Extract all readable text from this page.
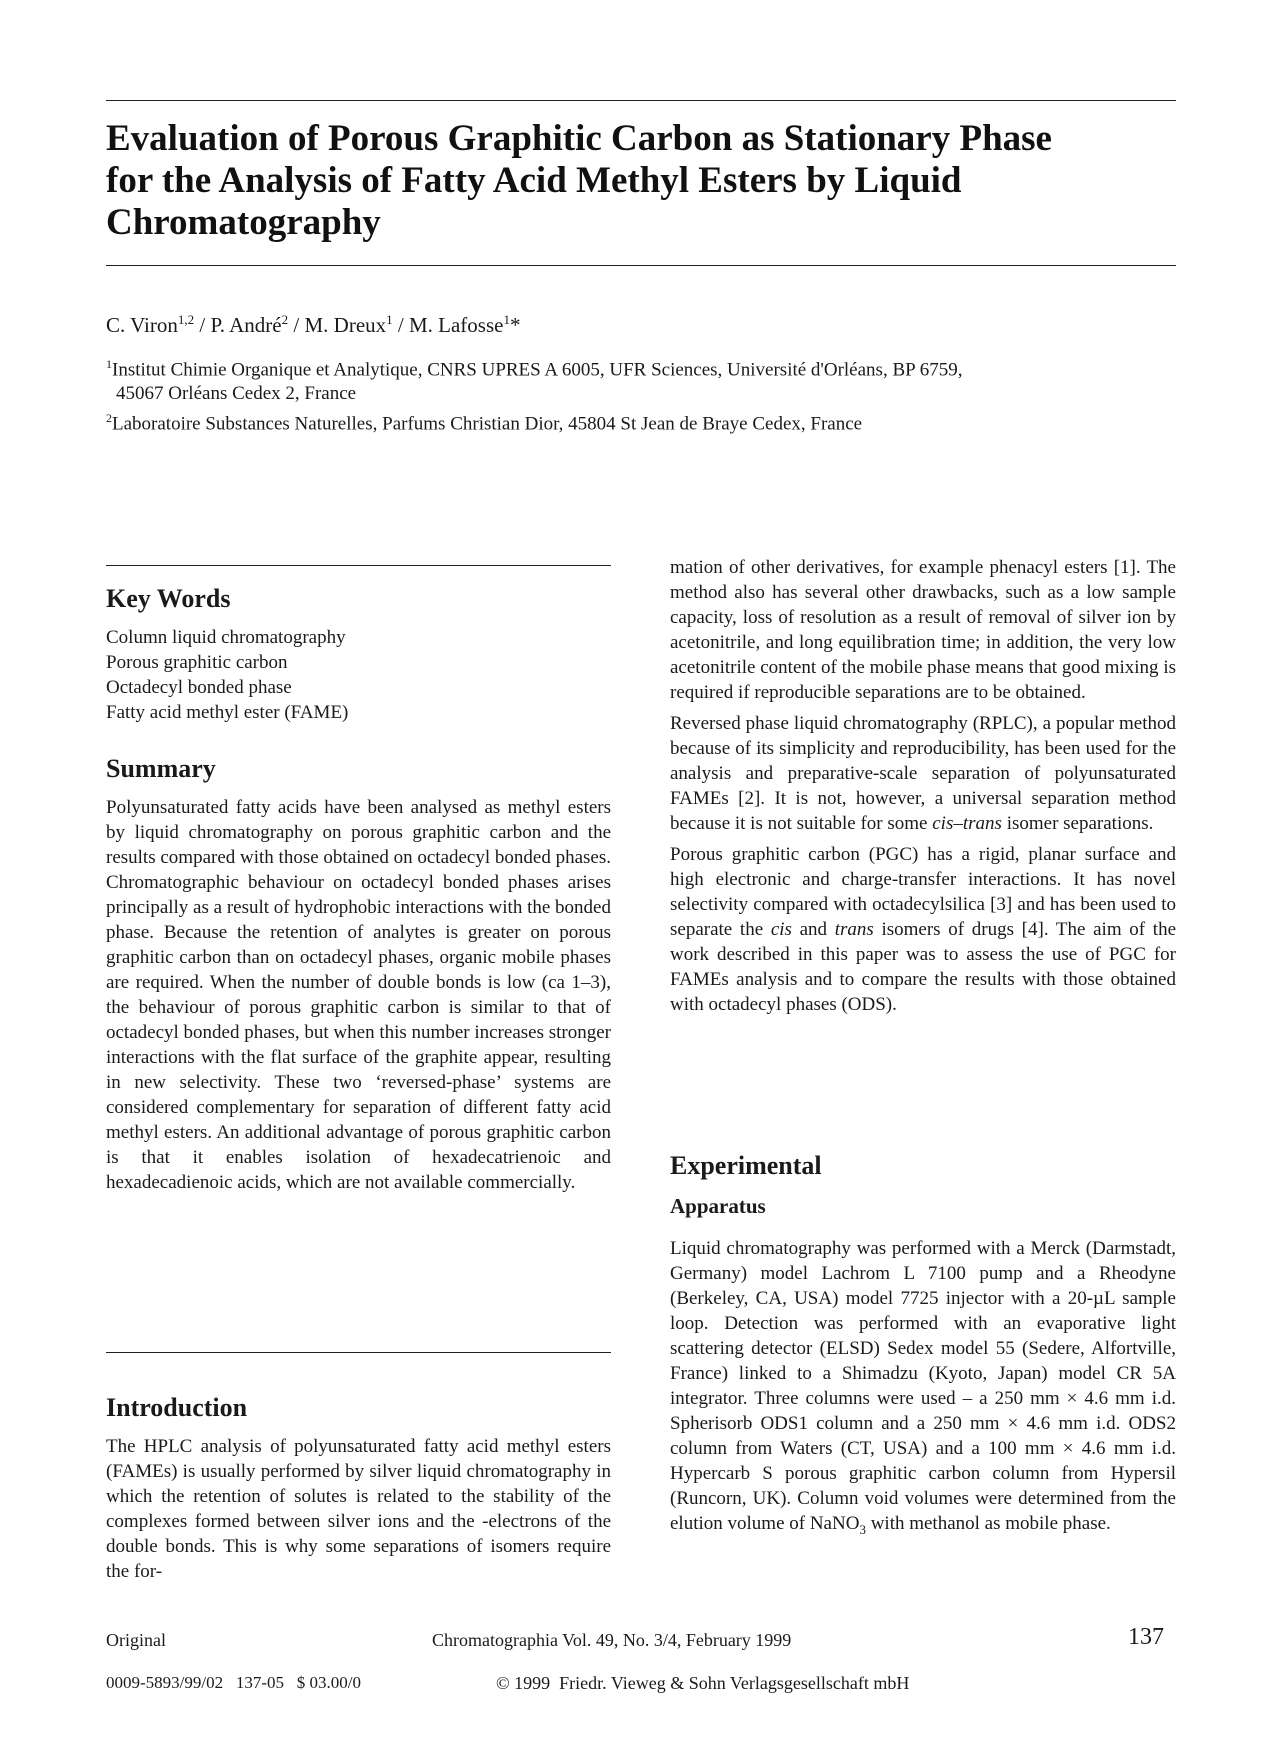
Evaluation of Porous Graphitic Carbon as Stationary Phase
for the Analysis of Fatty Acid Methyl Esters by Liquid
Chromatography

C. Viron$^{1,2}$ / P. André$^2$ / M. Dreux$^1$ / M. Lafosse$^1$*

$^1$Institut Chimie Organique et Analytique, CNRS UPRES A 6005, UFR Sciences, Université d'Orléans, BP 6759,

45067 Orléans Cedex 2, France

$^2$Laboratoire Substances Naturelles, Parfums Christian Dior, 45804 St Jean de Braye Cedex, France

Key Words
Column liquid chromatography
Porous graphitic carbon
Octadecyl bonded phase
Fatty acid methyl ester (FAME)
Summary

Polyunsaturated fatty acids have been analysed as methyl esters by liquid chromatography on porous graphitic carbon and the results compared with those obtained on octadecyl bonded phases. Chromatographic behaviour on octadecyl bonded phases arises principally as a result of hydrophobic interactions with the bonded phase. Because the retention of analytes is greater on porous graphitic carbon than on octadecyl phases, organic mobile phases are required. When the number of double bonds is low (ca 1–3), the behaviour of porous graphitic carbon is similar to that of octadecyl bonded phases, but when this number increases stronger interactions with the flat surface of the graphite appear, resulting in new selectivity. These two ‘reversed-phase’ systems are considered complementary for separation of different fatty acid methyl esters. An additional advantage of porous graphitic carbon is that it enables isolation of hexadecatrienoic and hexadecadienoic acids, which are not available commercially.

Introduction

The HPLC analysis of polyunsaturated fatty acid methyl esters (FAMEs) is usually performed by silver liquid chromatography in which the retention of solutes is related to the stability of the complexes formed between silver ions and the -electrons of the double bonds. This is why some separations of isomers require the for-

mation of other derivatives, for example phenacyl esters [1]. The method also has several other drawbacks, such as a low sample capacity, loss of resolution as a result of removal of silver ion by acetonitrile, and long equilibration time; in addition, the very low acetonitrile content of the mobile phase means that good mixing is required if reproducible separations are to be obtained.

Reversed phase liquid chromatography (RPLC), a popular method because of its simplicity and reproducibility, has been used for the analysis and preparative-scale separation of polyunsaturated FAMEs [2]. It is not, however, a universal separation method because it is not suitable for some cis–trans isomer separations.

Porous graphitic carbon (PGC) has a rigid, planar surface and high electronic and charge-transfer interactions. It has novel selectivity compared with octadecylsilica [3] and has been used to separate the cis and trans isomers of drugs [4]. The aim of the work described in this paper was to assess the use of PGC for FAMEs analysis and to compare the results with those obtained with octadecyl phases (ODS).

Experimental
Apparatus

Liquid chromatography was performed with a Merck (Darmstadt, Germany) model Lachrom L 7100 pump and a Rheodyne (Berkeley, CA, USA) model 7725 injector with a 20-µL sample loop. Detection was performed with an evaporative light scattering detector (ELSD) Sedex model 55 (Sedere, Alfortville, France) linked to a Shimadzu (Kyoto, Japan) model CR 5A integrator. Three columns were used – a 250 mm × 4.6 mm i.d. Spherisorb ODS1 column and a 250 mm × 4.6 mm i.d. ODS2 column from Waters (CT, USA) and a 100 mm × 4.6 mm i.d. Hypercarb S porous graphitic carbon column from Hypersil (Runcorn, UK). Column void volumes were determined from the elution volume of NaNO$_3$ with methanol as mobile phase.

Original	Chromatographia Vol. 49, No. 3/4, February 1999	137
0009-5893/99/02   137-05   $ 03.00/0	© 1999  Friedr. Vieweg & Sohn Verlagsgesellschaft mbH
